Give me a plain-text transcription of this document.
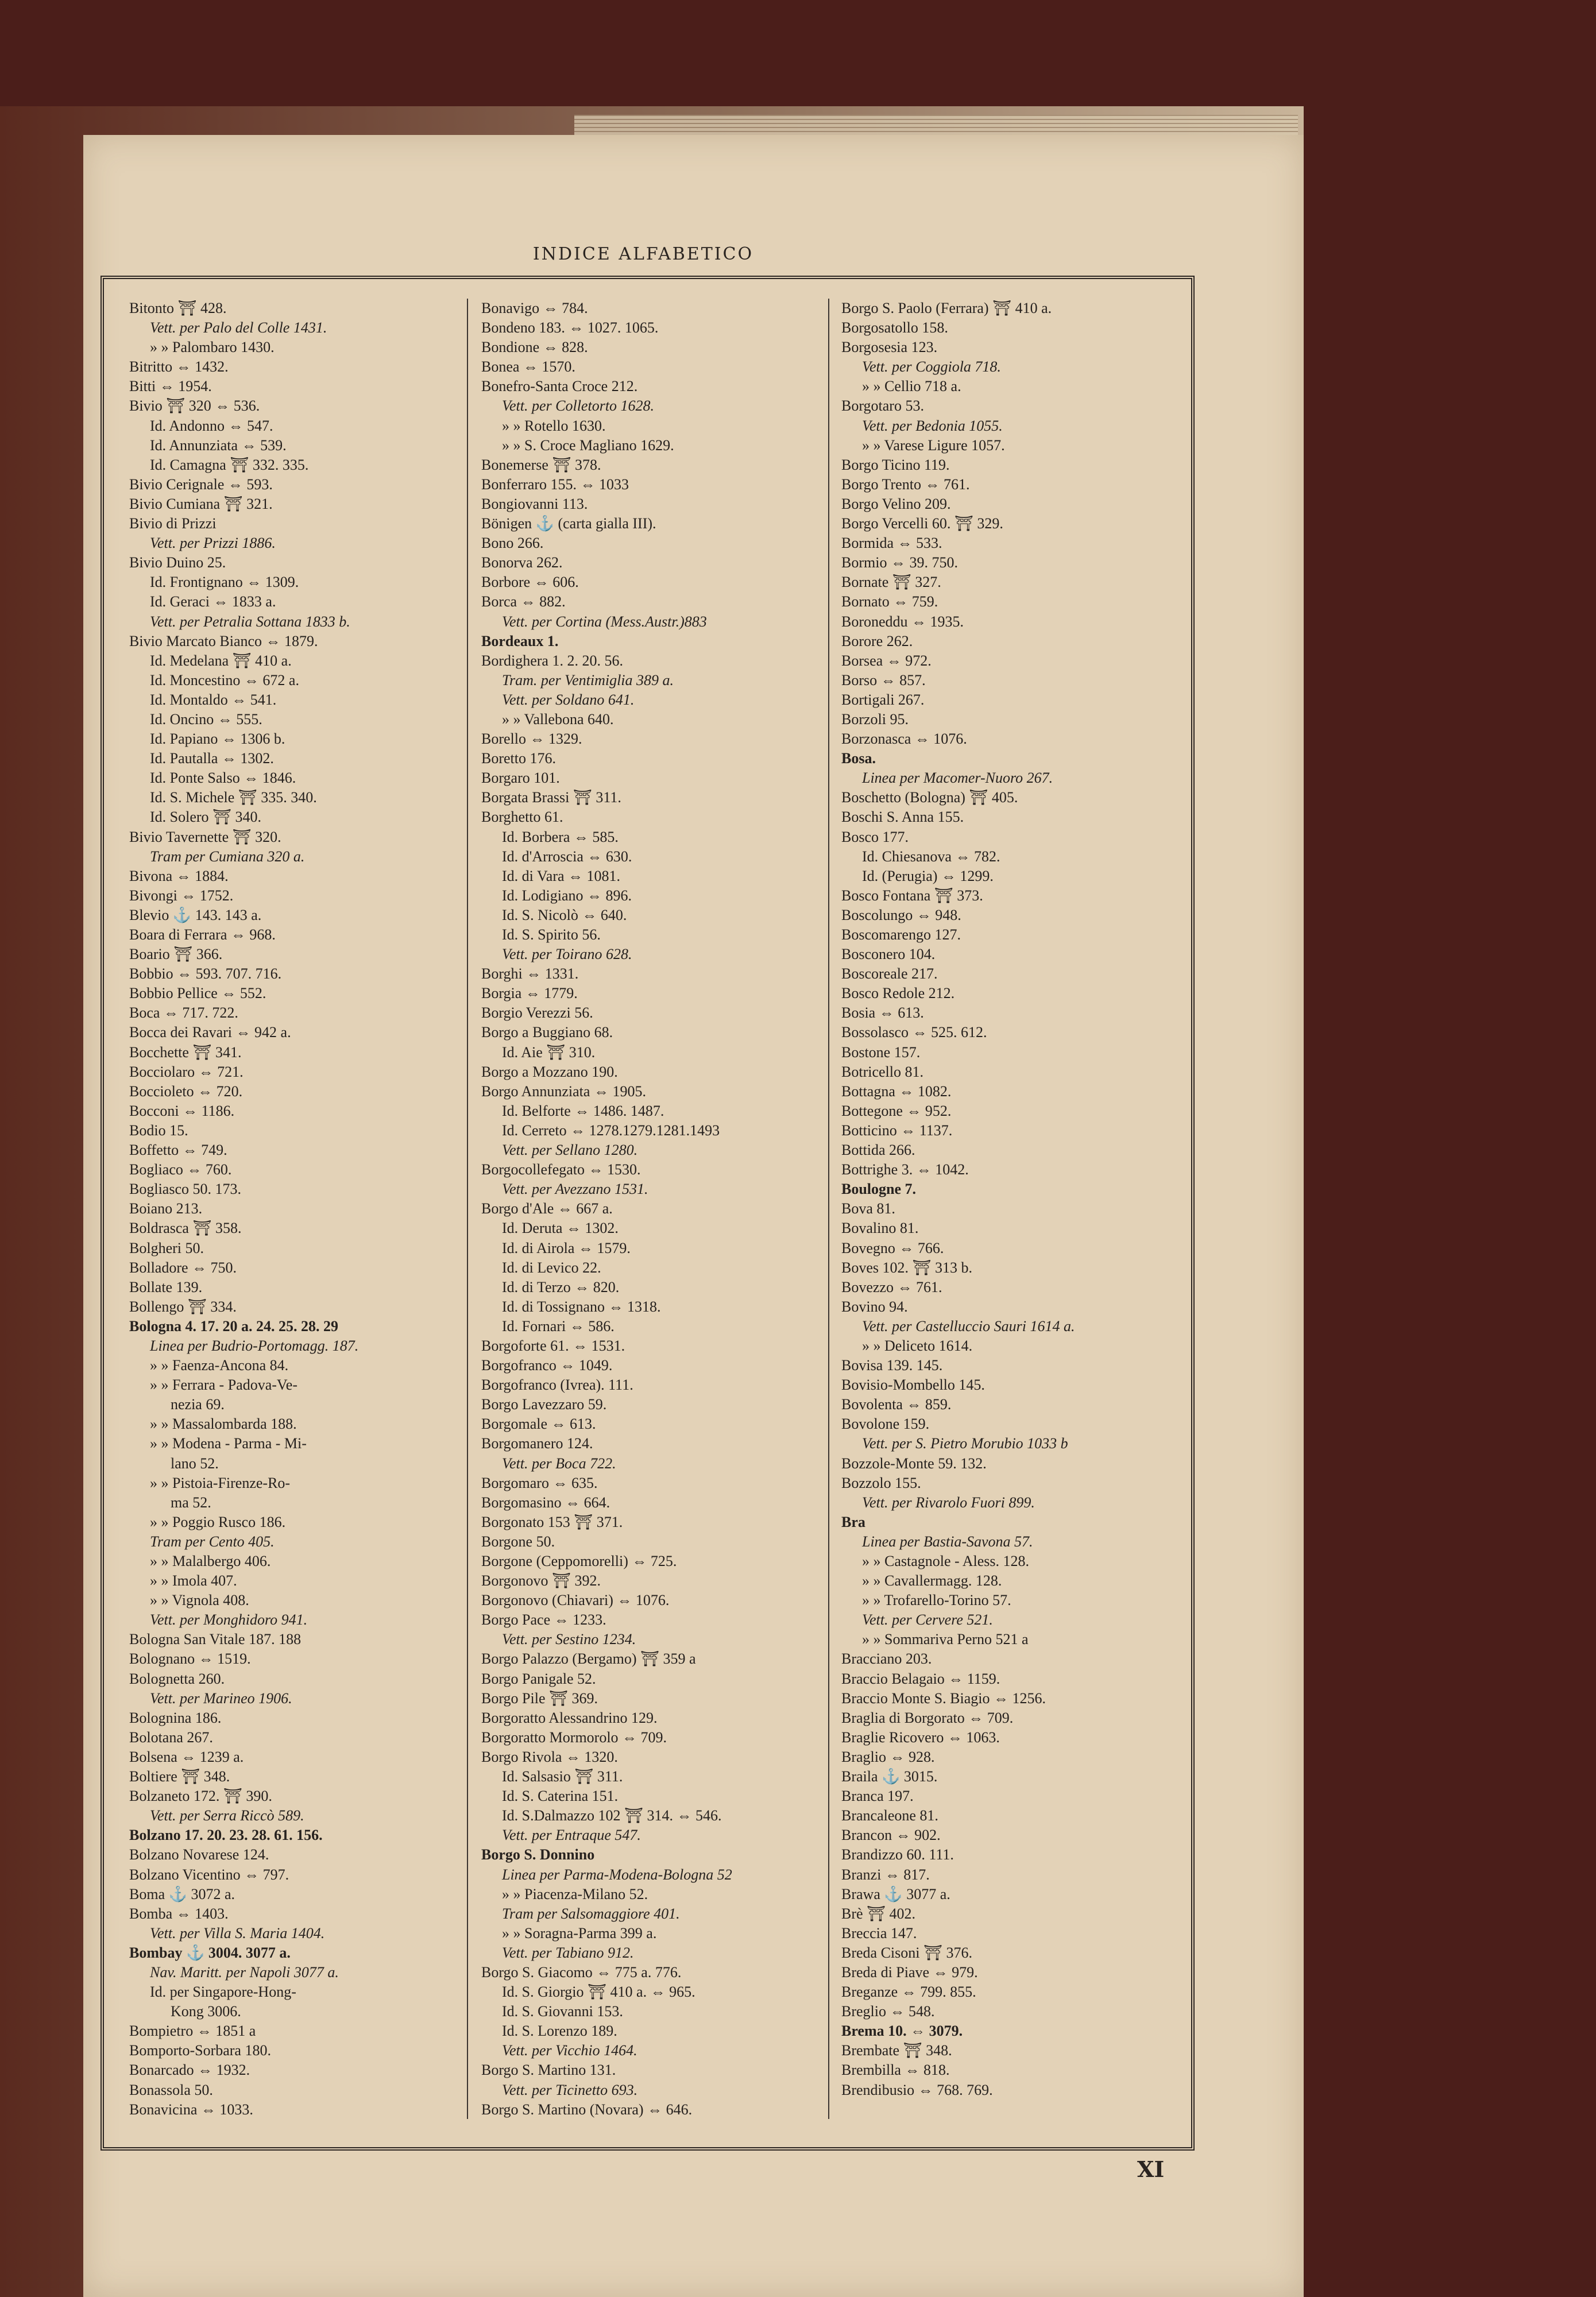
INDICE ALFABETICO
Bitonto ⛩ 428.
Vett. per Palo del Colle 1431.
» » Palombaro 1430.
Bitritto ⇔ 1432.
Bitti ⇔ 1954.
Bivio ⛩ 320 ⇔ 536.
Id. Andonno ⇔ 547.
Id. Annunziata ⇔ 539.
Id. Camagna ⛩ 332. 335.
Bivio Cerignale ⇔ 593.
Bivio Cumiana ⛩ 321.
Bivio di Prizzi
Vett. per Prizzi 1886.
Bivio Duino 25.
Id. Frontignano ⇔ 1309.
Id. Geraci ⇔ 1833 a.
Vett. per Petralia Sottana 1833 b.
Bivio Marcato Bianco ⇔ 1879.
Id. Medelana ⛩ 410 a.
Id. Moncestino ⇔ 672 a.
Id. Montaldo ⇔ 541.
Id. Oncino ⇔ 555.
Id. Papiano ⇔ 1306 b.
Id. Pautalla ⇔ 1302.
Id. Ponte Salso ⇔ 1846.
Id. S. Michele ⛩ 335. 340.
Id. Solero ⛩ 340.
Bivio Tavernette ⛩ 320.
Tram per Cumiana 320 a.
Bivona ⇔ 1884.
Bivongi ⇔ 1752.
Blevio ⚓ 143. 143 a.
Boara di Ferrara ⇔ 968.
Boario ⛩ 366.
Bobbio ⇔ 593. 707. 716.
Bobbio Pellice ⇔ 552.
Boca ⇔ 717. 722.
Bocca dei Ravari ⇔ 942 a.
Bocchette ⛩ 341.
Bocciolaro ⇔ 721.
Boccioleto ⇔ 720.
Bocconi ⇔ 1186.
Bodio 15.
Boffetto ⇔ 749.
Bogliaco ⇔ 760.
Bogliasco 50. 173.
Boiano 213.
Boldrasca ⛩ 358.
Bolgheri 50.
Bolladore ⇔ 750.
Bollate 139.
Bollengo ⛩ 334.
Bologna 4. 17. 20 a. 24. 25. 28. 29
Linea per Budrio-Portomagg. 187.
» » Faenza-Ancona 84.
» » Ferrara - Padova-Ve-
nezia 69.
» » Massalombarda 188.
» » Modena - Parma - Mi-
lano 52.
» » Pistoia-Firenze-Ro-
ma 52.
» » Poggio Rusco 186.
Tram per Cento 405.
» » Malalbergo 406.
» » Imola 407.
» » Vignola 408.
Vett. per Monghidoro 941.
Bologna San Vitale 187. 188
Bolognano ⇔ 1519.
Bolognetta 260.
Vett. per Marineo 1906.
Bolognina 186.
Bolotana 267.
Bolsena ⇔ 1239 a.
Boltiere ⛩ 348.
Bolzaneto 172. ⛩ 390.
Vett. per Serra Riccò 589.
Bolzano 17. 20. 23. 28. 61. 156.
Bolzano Novarese 124.
Bolzano Vicentino ⇔ 797.
Boma ⚓ 3072 a.
Bomba ⇔ 1403.
Vett. per Villa S. Maria 1404.
Bombay ⚓ 3004. 3077 a.
Nav. Maritt. per Napoli 3077 a.
Id. per Singapore-Hong-
Kong 3006.
Bompietro ⇔ 1851 a
Bomporto-Sorbara 180.
Bonarcado ⇔ 1932.
Bonassola 50.
Bonavicina ⇔ 1033.
Bonavigo ⇔ 784.
Bondeno 183. ⇔ 1027. 1065.
Bondione ⇔ 828.
Bonea ⇔ 1570.
Bonefro-Santa Croce 212.
Vett. per Colletorto 1628.
» » Rotello 1630.
» » S. Croce Magliano 1629.
Bonemerse ⛩ 378.
Bonferraro 155. ⇔ 1033
Bongiovanni 113.
Bönigen ⚓ (carta gialla III).
Bono 266.
Bonorva 262.
Borbore ⇔ 606.
Borca ⇔ 882.
Vett. per Cortina (Mess.Austr.)883
Bordeaux 1.
Bordighera 1. 2. 20. 56.
Tram. per Ventimiglia 389 a.
Vett. per Soldano 641.
» » Vallebona 640.
Borello ⇔ 1329.
Boretto 176.
Borgaro 101.
Borgata Brassi ⛩ 311.
Borghetto 61.
Id. Borbera ⇔ 585.
Id. d'Arroscia ⇔ 630.
Id. di Vara ⇔ 1081.
Id. Lodigiano ⇔ 896.
Id. S. Nicolò ⇔ 640.
Id. S. Spirito 56.
Vett. per Toirano 628.
Borghi ⇔ 1331.
Borgia ⇔ 1779.
Borgio Verezzi 56.
Borgo a Buggiano 68.
Id. Aie ⛩ 310.
Borgo a Mozzano 190.
Borgo Annunziata ⇔ 1905.
Id. Belforte ⇔ 1486. 1487.
Id. Cerreto ⇔ 1278.1279.1281.1493
Vett. per Sellano 1280.
Borgocollefegato ⇔ 1530.
Vett. per Avezzano 1531.
Borgo d'Ale ⇔ 667 a.
Id. Deruta ⇔ 1302.
Id. di Airola ⇔ 1579.
Id. di Levico 22.
Id. di Terzo ⇔ 820.
Id. di Tossignano ⇔ 1318.
Id. Fornari ⇔ 586.
Borgoforte 61. ⇔ 1531.
Borgofranco ⇔ 1049.
Borgofranco (Ivrea). 111.
Borgo Lavezzaro 59.
Borgomale ⇔ 613.
Borgomanero 124.
Vett. per Boca 722.
Borgomaro ⇔ 635.
Borgomasino ⇔ 664.
Borgonato 153 ⛩ 371.
Borgone 50.
Borgone (Ceppomorelli) ⇔ 725.
Borgonovo ⛩ 392.
Borgonovo (Chiavari) ⇔ 1076.
Borgo Pace ⇔ 1233.
Vett. per Sestino 1234.
Borgo Palazzo (Bergamo) ⛩ 359 a
Borgo Panigale 52.
Borgo Pile ⛩ 369.
Borgoratto Alessandrino 129.
Borgoratto Mormorolo ⇔ 709.
Borgo Rivola ⇔ 1320.
Id. Salsasio ⛩ 311.
Id. S. Caterina 151.
Id. S.Dalmazzo 102 ⛩ 314. ⇔ 546.
Vett. per Entraque 547.
Borgo S. Donnino
Linea per Parma-Modena-Bologna 52
» » Piacenza-Milano 52.
Tram per Salsomaggiore 401.
» » Soragna-Parma 399 a.
Vett. per Tabiano 912.
Borgo S. Giacomo ⇔ 775 a. 776.
Id. S. Giorgio ⛩ 410 a. ⇔ 965.
Id. S. Giovanni 153.
Id. S. Lorenzo 189.
Vett. per Vicchio 1464.
Borgo S. Martino 131.
Vett. per Ticinetto 693.
Borgo S. Martino (Novara) ⇔ 646.
Borgo S. Paolo (Ferrara) ⛩ 410 a.
Borgosatollo 158.
Borgosesia 123.
Vett. per Coggiola 718.
» » Cellio 718 a.
Borgotaro 53.
Vett. per Bedonia 1055.
» » Varese Ligure 1057.
Borgo Ticino 119.
Borgo Trento ⇔ 761.
Borgo Velino 209.
Borgo Vercelli 60. ⛩ 329.
Bormida ⇔ 533.
Bormio ⇔ 39. 750.
Bornate ⛩ 327.
Bornato ⇔ 759.
Boroneddu ⇔ 1935.
Borore 262.
Borsea ⇔ 972.
Borso ⇔ 857.
Bortigali 267.
Borzoli 95.
Borzonasca ⇔ 1076.
Bosa.
Linea per Macomer-Nuoro 267.
Boschetto (Bologna) ⛩ 405.
Boschi S. Anna 155.
Bosco 177.
Id. Chiesanova ⇔ 782.
Id. (Perugia) ⇔ 1299.
Bosco Fontana ⛩ 373.
Boscolungo ⇔ 948.
Boscomarengo 127.
Bosconero 104.
Boscoreale 217.
Bosco Redole 212.
Bosia ⇔ 613.
Bossolasco ⇔ 525. 612.
Bostone 157.
Botricello 81.
Bottagna ⇔ 1082.
Bottegone ⇔ 952.
Botticino ⇔ 1137.
Bottida 266.
Bottrighe 3. ⇔ 1042.
Boulogne 7.
Bova 81.
Bovalino 81.
Bovegno ⇔ 766.
Boves 102. ⛩ 313 b.
Bovezzo ⇔ 761.
Bovino 94.
Vett. per Castelluccio Sauri 1614 a.
» » Deliceto 1614.
Bovisa 139. 145.
Bovisio-Mombello 145.
Bovolenta ⇔ 859.
Bovolone 159.
Vett. per S. Pietro Morubio 1033 b
Bozzole-Monte 59. 132.
Bozzolo 155.
Vett. per Rivarolo Fuori 899.
Bra
Linea per Bastia-Savona 57.
» » Castagnole - Aless. 128.
» » Cavallermagg. 128.
» » Trofarello-Torino 57.
Vett. per Cervere 521.
» » Sommariva Perno 521 a
Bracciano 203.
Braccio Belagaio ⇔ 1159.
Braccio Monte S. Biagio ⇔ 1256.
Braglia di Borgorato ⇔ 709.
Braglie Ricovero ⇔ 1063.
Braglio ⇔ 928.
Braila ⚓ 3015.
Branca 197.
Brancaleone 81.
Brancon ⇔ 902.
Brandizzo 60. 111.
Branzi ⇔ 817.
Brawa ⚓ 3077 a.
Brè ⛩ 402.
Breccia 147.
Breda Cisoni ⛩ 376.
Breda di Piave ⇔ 979.
Breganze ⇔ 799. 855.
Breglio ⇔ 548.
Brema 10. ⇔ 3079.
Brembate ⛩ 348.
Brembilla ⇔ 818.
Brendibusio ⇔ 768. 769.
XI
